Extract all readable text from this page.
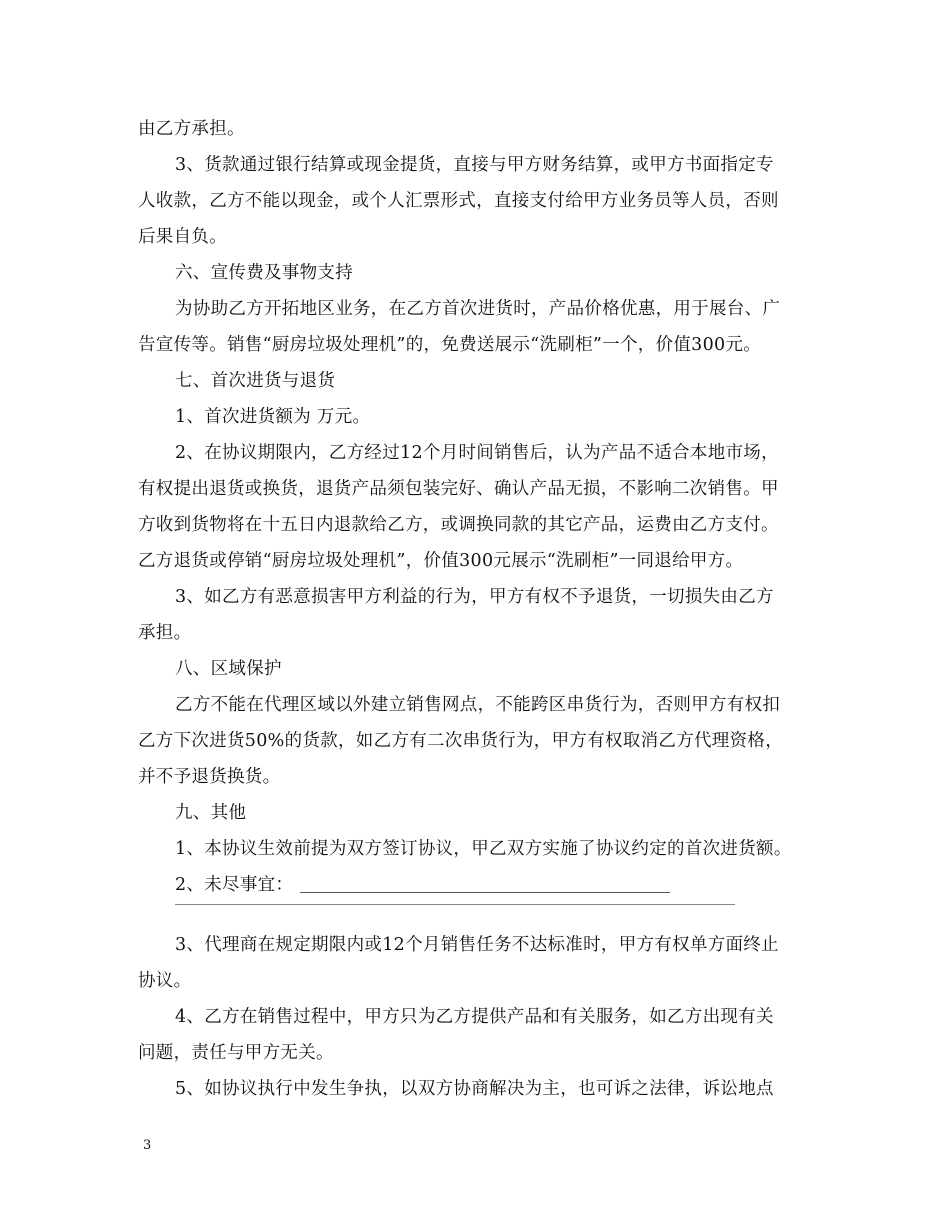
由乙方承担。
3、货款通过银行结算或现金提货，直接与甲方财务结算，或甲方书面指定专
人收款，乙方不能以现金，或个人汇票形式，直接支付给甲方业务员等人员，否则
后果自负。
六、宣传费及事物支持
为协助乙方开拓地区业务，在乙方首次进货时，产品价格优惠，用于展台、广
告宣传等。销售“厨房垃圾处理机”的，免费送展示“洗刷柜”一个，价值300元。
七、首次进货与退货
1、首次进货额为 万元。
2、在协议期限内，乙方经过12个月时间销售后，认为产品不适合本地市场，
有权提出退货或换货，退货产品须包装完好、确认产品无损，不影响二次销售。甲
方收到货物将在十五日内退款给乙方，或调换同款的其它产品，运费由乙方支付。
乙方退货或停销“厨房垃圾处理机”，价值300元展示“洗刷柜”一同退给甲方。
3、如乙方有恶意损害甲方利益的行为，甲方有权不予退货，一切损失由乙方
承担。
八、区域保护
乙方不能在代理区域以外建立销售网点，不能跨区串货行为，否则甲方有权扣
乙方下次进货50%的货款，如乙方有二次串货行为，甲方有权取消乙方代理资格，
并不予退货换货。
九、其他
1、本协议生效前提为双方签订协议，甲乙双方实施了协议约定的首次进货额。
2、未尽事宜：
3、代理商在规定期限内或12个月销售任务不达标准时，甲方有权单方面终止
协议。
4、乙方在销售过程中，甲方只为乙方提供产品和有关服务，如乙方出现有关
问题，责任与甲方无关。
5、如协议执行中发生争执，以双方协商解决为主，也可诉之法律，诉讼地点
3
